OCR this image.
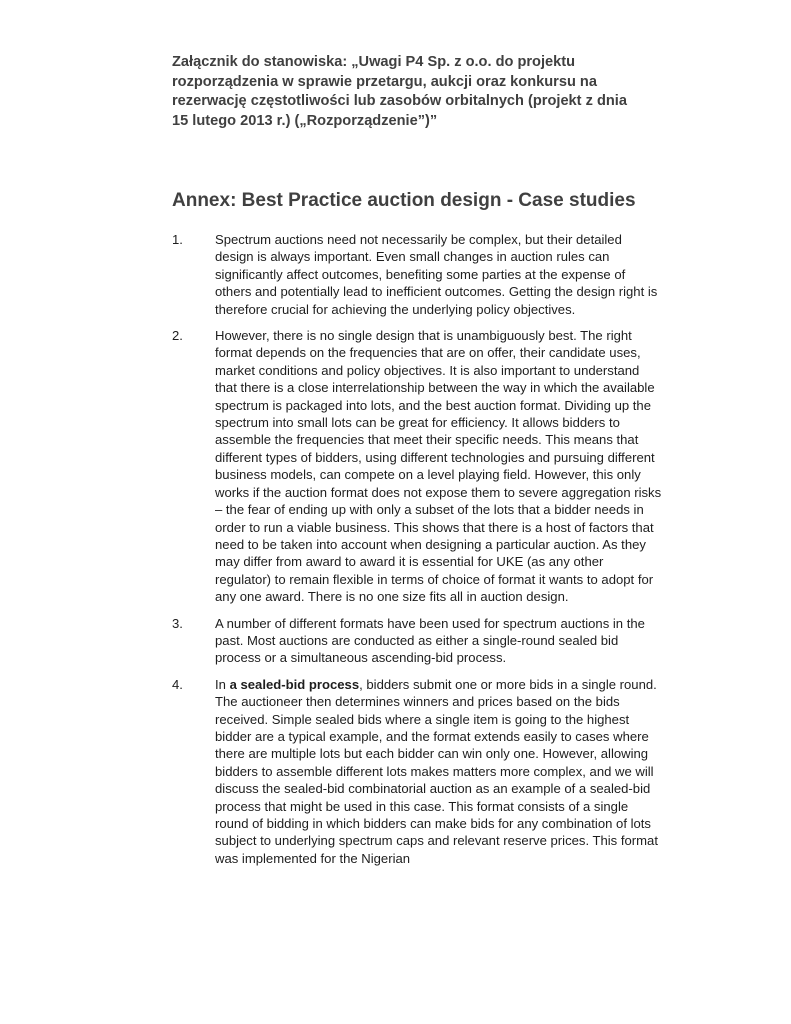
Załącznik do stanowiska: „Uwagi P4 Sp. z o.o. do projektu rozporządzenia w sprawie przetargu, aukcji oraz konkursu na rezerwację częstotliwości lub zasobów orbitalnych (projekt z dnia 15 lutego 2013 r.) („Rozporządzenie”)”

Annex: Best Practice auction design - Case studies
1.	Spectrum auctions need not necessarily be complex, but their detailed design is always important. Even small changes in auction rules can significantly affect outcomes, benefiting some parties at the expense of others and potentially lead to inefficient outcomes. Getting the design right is therefore crucial for achieving the underlying policy objectives.
2.	However, there is no single design that is unambiguously best. The right format depends on the frequencies that are on offer, their candidate uses, market conditions and policy objectives. It is also important to understand that there is a close interrelationship between the way in which the available spectrum is packaged into lots, and the best auction format. Dividing up the spectrum into small lots can be great for efficiency. It allows bidders to assemble the frequencies that meet their specific needs. This means that different types of bidders, using different technologies and pursuing different business models, can compete on a level playing field. However, this only works if the auction format does not expose them to severe aggregation risks – the fear of ending up with only a subset of the lots that a bidder needs in order to run a viable business. This shows that there is a host of factors that need to be taken into account when designing a particular auction. As they may differ from award to award it is essential for UKE (as any other regulator) to remain flexible in terms of choice of format it wants to adopt for any one award. There is no one size fits all in auction design.
3.	A number of different formats have been used for spectrum auctions in the past. Most auctions are conducted as either a single-round sealed bid process or a simultaneous ascending-bid process.
4.	In a sealed-bid process, bidders submit one or more bids in a single round. The auctioneer then determines winners and prices based on the bids received. Simple sealed bids where a single item is going to the highest bidder are a typical example, and the format extends easily to cases where there are multiple lots but each bidder can win only one. However, allowing bidders to assemble different lots makes matters more complex, and we will discuss the sealed-bid combinatorial auction as an example of a sealed-bid process that might be used in this case. This format consists of a single round of bidding in which bidders can make bids for any combination of lots subject to underlying spectrum caps and relevant reserve prices. This format was implemented for the Nigerian
